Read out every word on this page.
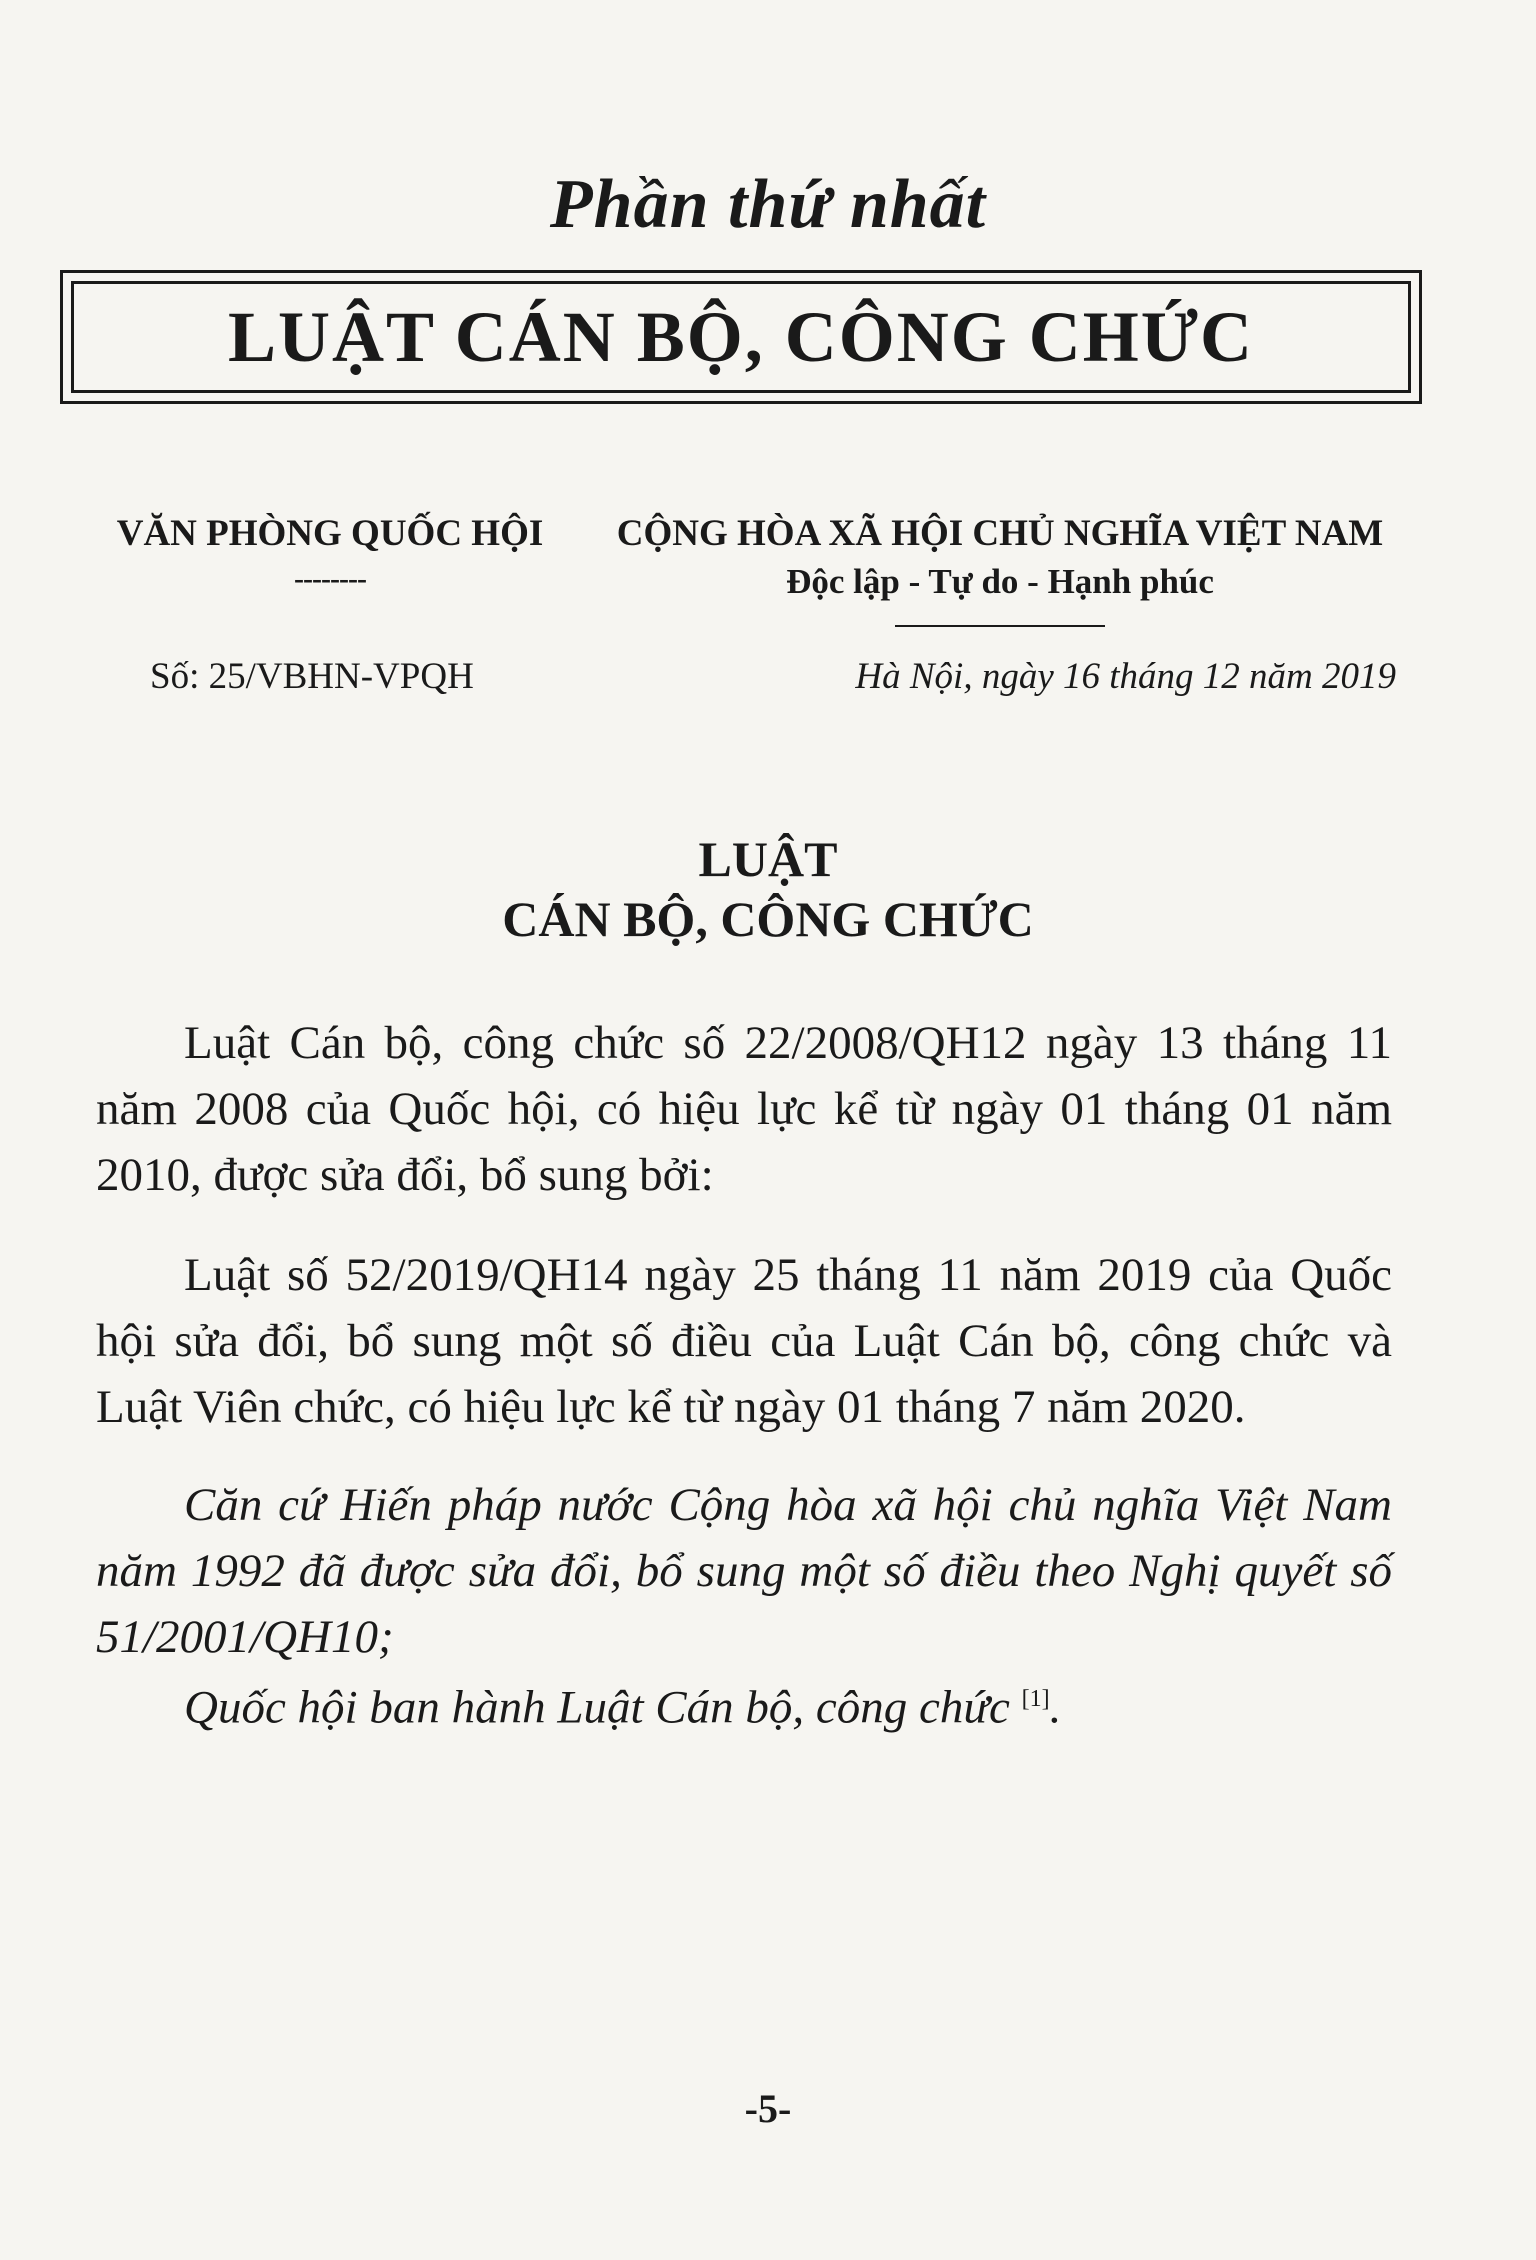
Phần thứ nhất
LUẬT CÁN BỘ, CÔNG CHỨC
VĂN PHÒNG QUỐC HỘI
--------
CỘNG HÒA XÃ HỘI CHỦ NGHĨA VIỆT NAM
Độc lập - Tự do - Hạnh phúc
Số: 25/VBHN-VPQH	Hà Nội, ngày 16 tháng 12 năm 2019
LUẬT
CÁN BỘ, CÔNG CHỨC

Luật Cán bộ, công chức số 22/2008/QH12 ngày 13 tháng 11 năm 2008 của Quốc hội, có hiệu lực kể từ ngày 01 tháng 01 năm 2010, được sửa đổi, bổ sung bởi:

Luật số 52/2019/QH14 ngày 25 tháng 11 năm 2019 của Quốc hội sửa đổi, bổ sung một số điều của Luật Cán bộ, công chức và Luật Viên chức, có hiệu lực kể từ ngày 01 tháng 7 năm 2020.

Căn cứ Hiến pháp nước Cộng hòa xã hội chủ nghĩa Việt Nam năm 1992 đã được sửa đổi, bổ sung một số điều theo Nghị quyết số 51/2001/QH10;

Quốc hội ban hành Luật Cán bộ, công chức [1].

-5-
